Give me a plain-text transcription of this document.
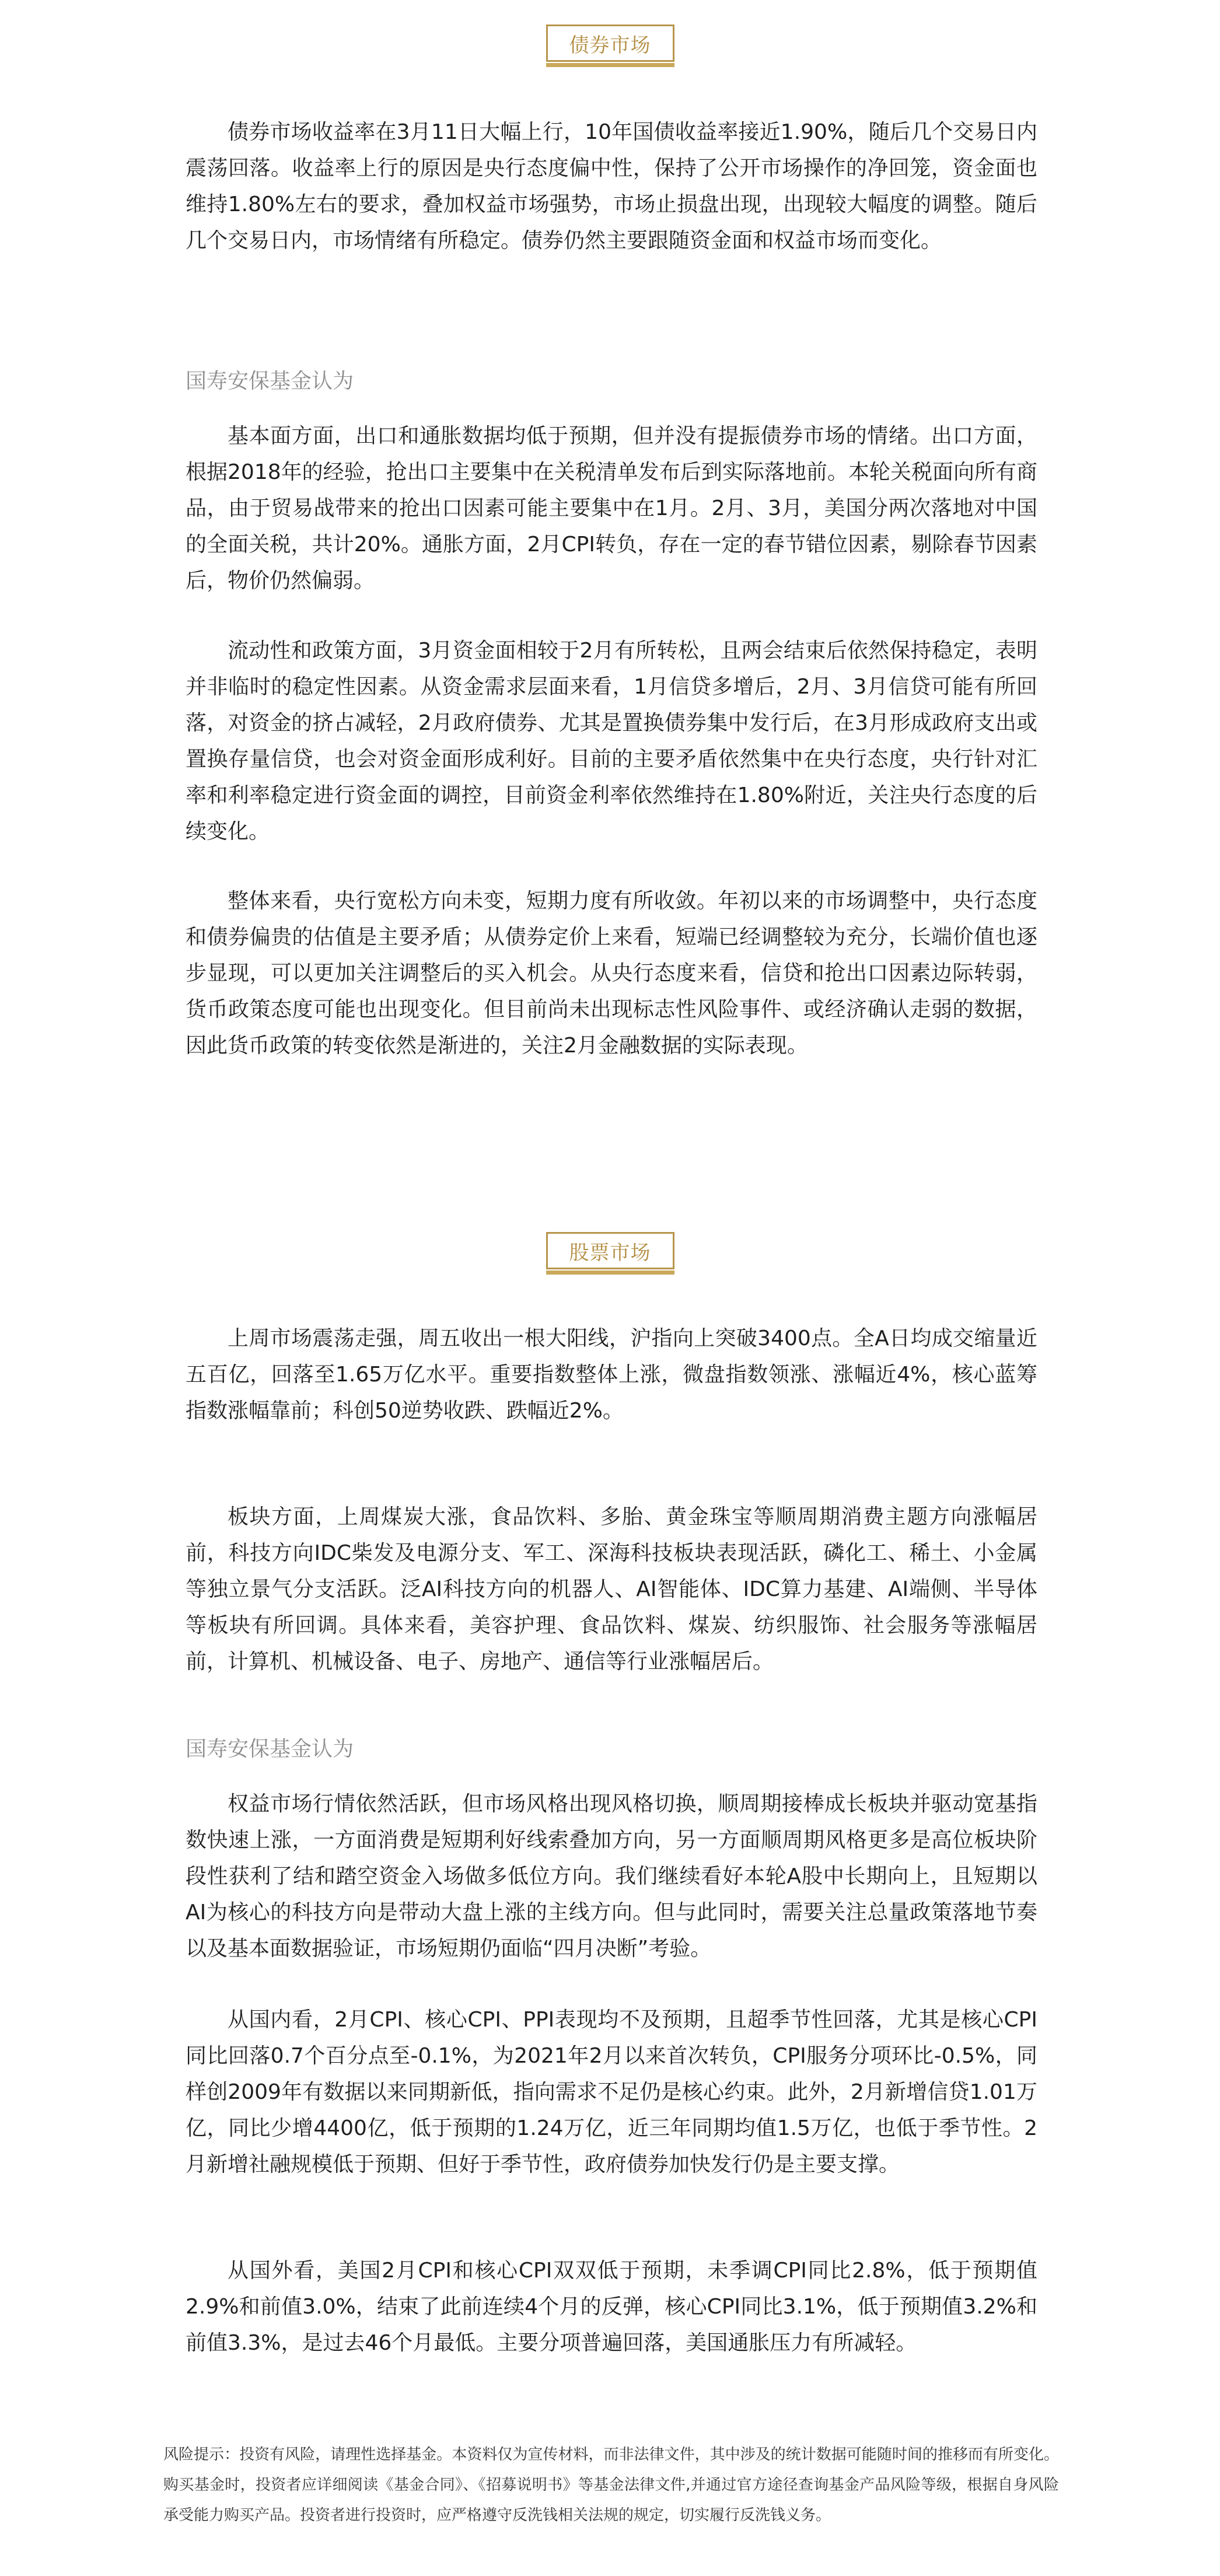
债券市场

债券市场收益率在3月11日大幅上行，10年国债收益率接近1.90%，随后几个交易日内震荡回落。收益率上行的原因是央行态度偏中性，保持了公开市场操作的净回笼，资金面也维持1.80%左右的要求，叠加权益市场强势，市场止损盘出现，出现较大幅度的调整。随后几个交易日内，市场情绪有所稳定。债券仍然主要跟随资金面和权益市场而变化。

国寿安保基金认为

基本面方面，出口和通胀数据均低于预期，但并没有提振债券市场的情绪。出口方面，根据2018年的经验，抢出口主要集中在关税清单发布后到实际落地前。本轮关税面向所有商品，由于贸易战带来的抢出口因素可能主要集中在1月。2月、3月，美国分两次落地对中国的全面关税，共计20%。通胀方面，2月CPI转负，存在一定的春节错位因素，剔除春节因素后，物价仍然偏弱。

流动性和政策方面，3月资金面相较于2月有所转松，且两会结束后依然保持稳定，表明并非临时的稳定性因素。从资金需求层面来看，1月信贷多增后，2月、3月信贷可能有所回落，对资金的挤占减轻，2月政府债券、尤其是置换债券集中发行后，在3月形成政府支出或置换存量信贷，也会对资金面形成利好。目前的主要矛盾依然集中在央行态度，央行针对汇率和利率稳定进行资金面的调控，目前资金利率依然维持在1.80%附近，关注央行态度的后续变化。

整体来看，央行宽松方向未变，短期力度有所收敛。年初以来的市场调整中，央行态度和债券偏贵的估值是主要矛盾；从债券定价上来看，短端已经调整较为充分，长端价值也逐步显现，可以更加关注调整后的买入机会。从央行态度来看，信贷和抢出口因素边际转弱，货币政策态度可能也出现变化。但目前尚未出现标志性风险事件、或经济确认走弱的数据，因此货币政策的转变依然是渐进的，关注2月金融数据的实际表现。

股票市场

上周市场震荡走强，周五收出一根大阳线，沪指向上突破3400点。全A日均成交缩量近五百亿，回落至1.65万亿水平。重要指数整体上涨，微盘指数领涨、涨幅近4%，核心蓝筹指数涨幅靠前；科创50逆势收跌、跌幅近2%。

板块方面，上周煤炭大涨，食品饮料、多胎、黄金珠宝等顺周期消费主题方向涨幅居前，科技方向IDC柴发及电源分支、军工、深海科技板块表现活跃，磷化工、稀土、小金属等独立景气分支活跃。泛AI科技方向的机器人、AI智能体、IDC算力基建、AI端侧、半导体等板块有所回调。具体来看，美容护理、食品饮料、煤炭、纺织服饰、社会服务等涨幅居前，计算机、机械设备、电子、房地产、通信等行业涨幅居后。

国寿安保基金认为

权益市场行情依然活跃，但市场风格出现风格切换，顺周期接棒成长板块并驱动宽基指数快速上涨，一方面消费是短期利好线索叠加方向，另一方面顺周期风格更多是高位板块阶段性获利了结和踏空资金入场做多低位方向。我们继续看好本轮A股中长期向上，且短期以AI为核心的科技方向是带动大盘上涨的主线方向。但与此同时，需要关注总量政策落地节奏以及基本面数据验证，市场短期仍面临“四月决断”考验。

从国内看，2月CPI、核心CPI、PPI表现均不及预期，且超季节性回落，尤其是核心CPI同比回落0.7个百分点至-0.1%，为2021年2月以来首次转负，CPI服务分项环比-0.5%，同样创2009年有数据以来同期新低，指向需求不足仍是核心约束。此外，2月新增信贷1.01万亿，同比少增4400亿，低于预期的1.24万亿，近三年同期均值1.5万亿，也低于季节性。2月新增社融规模低于预期、但好于季节性，政府债券加快发行仍是主要支撑。

从国外看，美国2月CPI和核心CPI双双低于预期，未季调CPI同比2.8%，低于预期值2.9%和前值3.0%，结束了此前连续4个月的反弹，核心CPI同比3.1%，低于预期值3.2%和前值3.3%，是过去46个月最低。主要分项普遍回落，美国通胀压力有所减轻。

风险提示：投资有风险，请理性选择基金。本资料仅为宣传材料，而非法律文件，其中涉及的统计数据可能随时间的推移而有所变化。购买基金时，投资者应详细阅读《基金合同》、《招募说明书》等基金法律文件,并通过官方途径查询基金产品风险等级，根据自身风险承受能力购买产品。投资者进行投资时，应严格遵守反洗钱相关法规的规定，切实履行反洗钱义务。
